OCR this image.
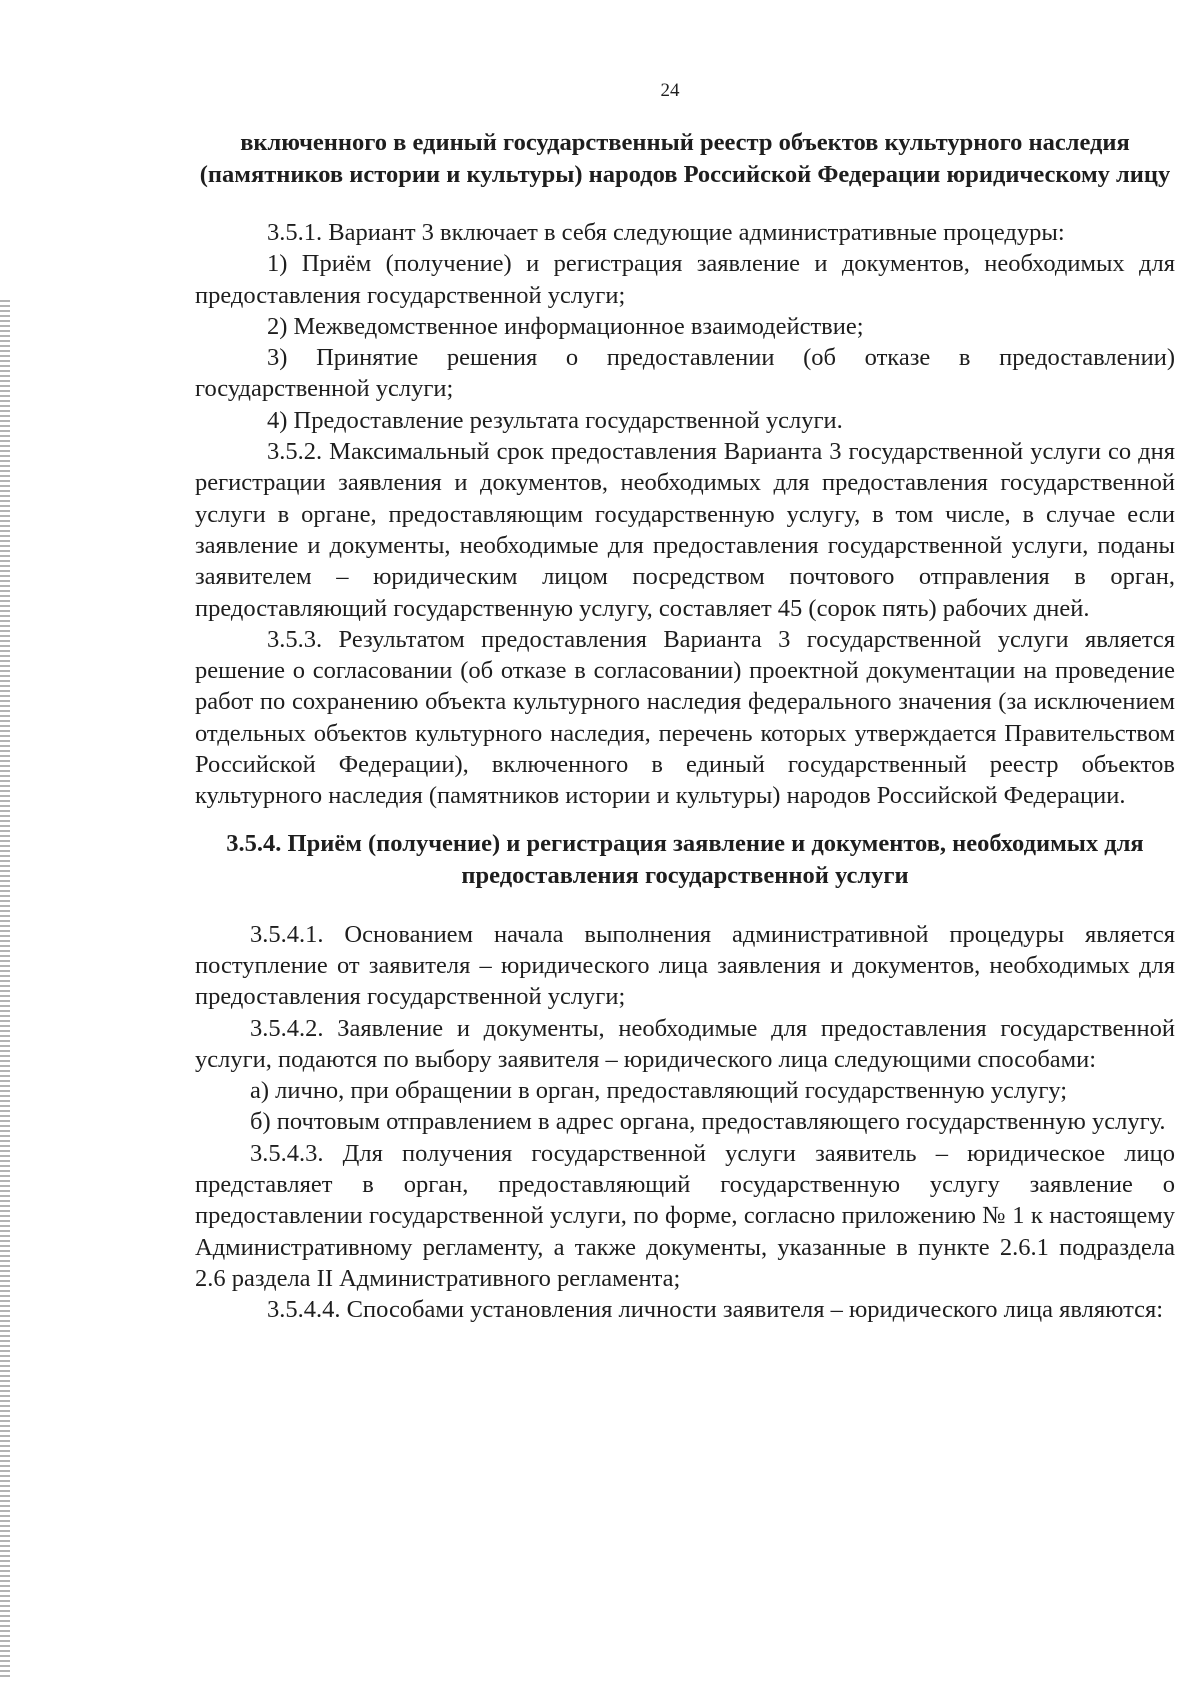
24
включенного в единый государственный реестр объектов культурного наследия (памятников истории и культуры) народов Российской Федерации юридическому лицу

3.5.1. Вариант 3 включает в себя следующие административные процедуры:

1) Приём (получение) и регистрация заявление и документов, необходимых для предоставления государственной услуги;

2) Межведомственное информационное взаимодействие;

3) Принятие решения о предоставлении (об отказе в предоставлении) государственной услуги;

4) Предоставление результата государственной услуги.

3.5.2. Максимальный срок предоставления Варианта 3 государственной услуги со дня регистрации заявления и документов, необходимых для предоставления государственной услуги в органе, предоставляющим государственную услугу, в том числе, в случае если заявление и документы, необходимые для предоставления государственной услуги, поданы заявителем – юридическим лицом посредством почтового отправления в орган, предоставляющий государственную услугу, составляет 45 (сорок пять) рабочих дней.

3.5.3. Результатом предоставления Варианта 3 государственной услуги является решение о согласовании (об отказе в согласовании) проектной документации на проведение работ по сохранению объекта культурного наследия федерального значения (за исключением отдельных объектов культурного наследия, перечень которых утверждается Правительством Российской Федерации), включенного в единый государственный реестр объектов культурного наследия (памятников истории и культуры) народов Российской Федерации.

3.5.4. Приём (получение) и регистрация заявление и документов, необходимых для предоставления государственной услуги

3.5.4.1. Основанием начала выполнения административной процедуры является поступление от заявителя – юридического лица заявления и документов, необходимых для предоставления государственной услуги;

3.5.4.2. Заявление и документы, необходимые для предоставления государственной услуги, подаются по выбору заявителя – юридического лица следующими способами:

а) лично, при обращении в орган, предоставляющий государственную услугу;

б) почтовым отправлением в адрес органа, предоставляющего государственную услугу.

3.5.4.3. Для получения государственной услуги заявитель – юридическое лицо представляет в орган, предоставляющий государственную услугу заявление о предоставлении государственной услуги, по форме, согласно приложению № 1 к настоящему Административному регламенту, а также документы, указанные в пункте 2.6.1 подраздела 2.6 раздела II Административного регламента;

3.5.4.4. Способами установления личности заявителя – юридического лица являются:
